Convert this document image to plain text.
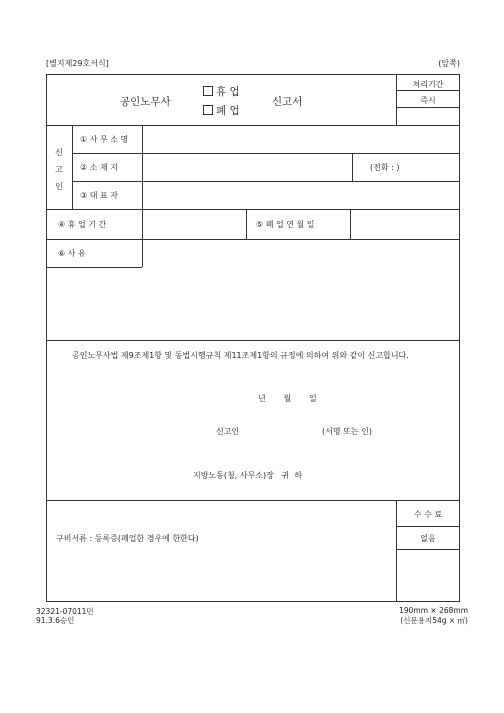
[별지제29호서식]	(앞쪽)
공인노무사
휴 업
폐 업
신고서
처리기간
즉시
신
고
인
① 사 무 소 명
② 소 재 지	(전화 : )
③ 대 표 자
④ 휴 업 기 간	⑤ 폐 업 연 월 일
⑥ 사 유
공인노무사법 제9조제1항 및 동법시행규칙 제11조제1항의 규정에 의하여 위와 같이 신고합니다.
년       월       일
신고인	(서명 또는 인)
지방노동(청, 사무소)장   귀  하
구비서류 : 등록증(폐업한 경우에 한한다)
수 수 료
없음
32321-07011민
91.3.6승인
190mm × 268mm
(신문용지54g × ㎡)
